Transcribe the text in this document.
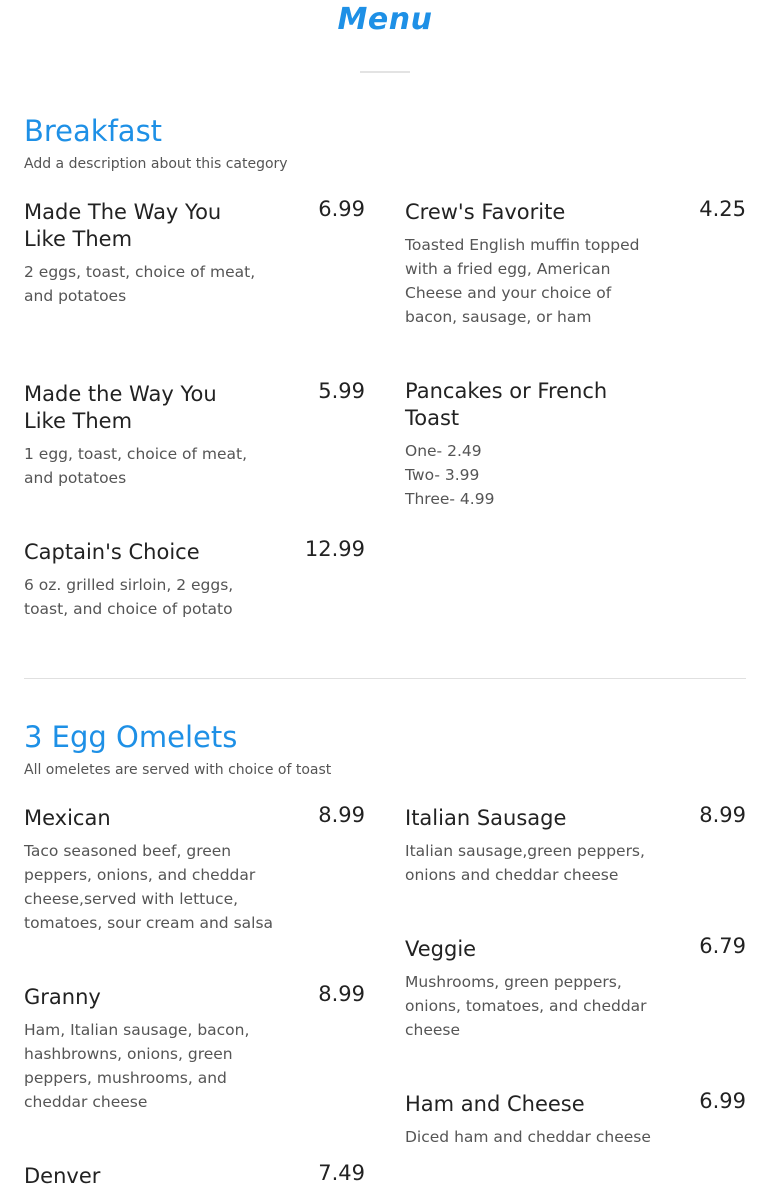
Menu
Breakfast
Add a description about this category
Made The Way You Like Them
6.99
2 eggs, toast, choice of meat, and potatoes
Crew's Favorite	4.25
Toasted English muffin topped with a fried egg, American Cheese and your choice of bacon, sausage, or ham
Made the Way You Like Them
5.99
1 egg, toast, choice of meat, and potatoes
Pancakes or French Toast
One- 2.49
Two- 3.99
Three- 4.99
Captain's Choice	12.99
6 oz. grilled sirloin, 2 eggs, toast, and choice of potato
3 Egg Omelets
All omeletes are served with choice of toast
Mexican	8.99
Taco seasoned beef, green peppers, onions, and cheddar cheese,served with lettuce, tomatoes, sour cream and salsa
Italian Sausage	8.99
Italian sausage,green peppers, onions and cheddar cheese
Veggie	6.79
Mushrooms, green peppers, onions, tomatoes, and cheddar cheese
Granny	8.99
Ham, Italian sausage, bacon, hashbrowns, onions, green peppers, mushrooms, and cheddar cheese	Ham and Cheese	6.99
Diced ham and cheddar cheese
Denver	7.49
